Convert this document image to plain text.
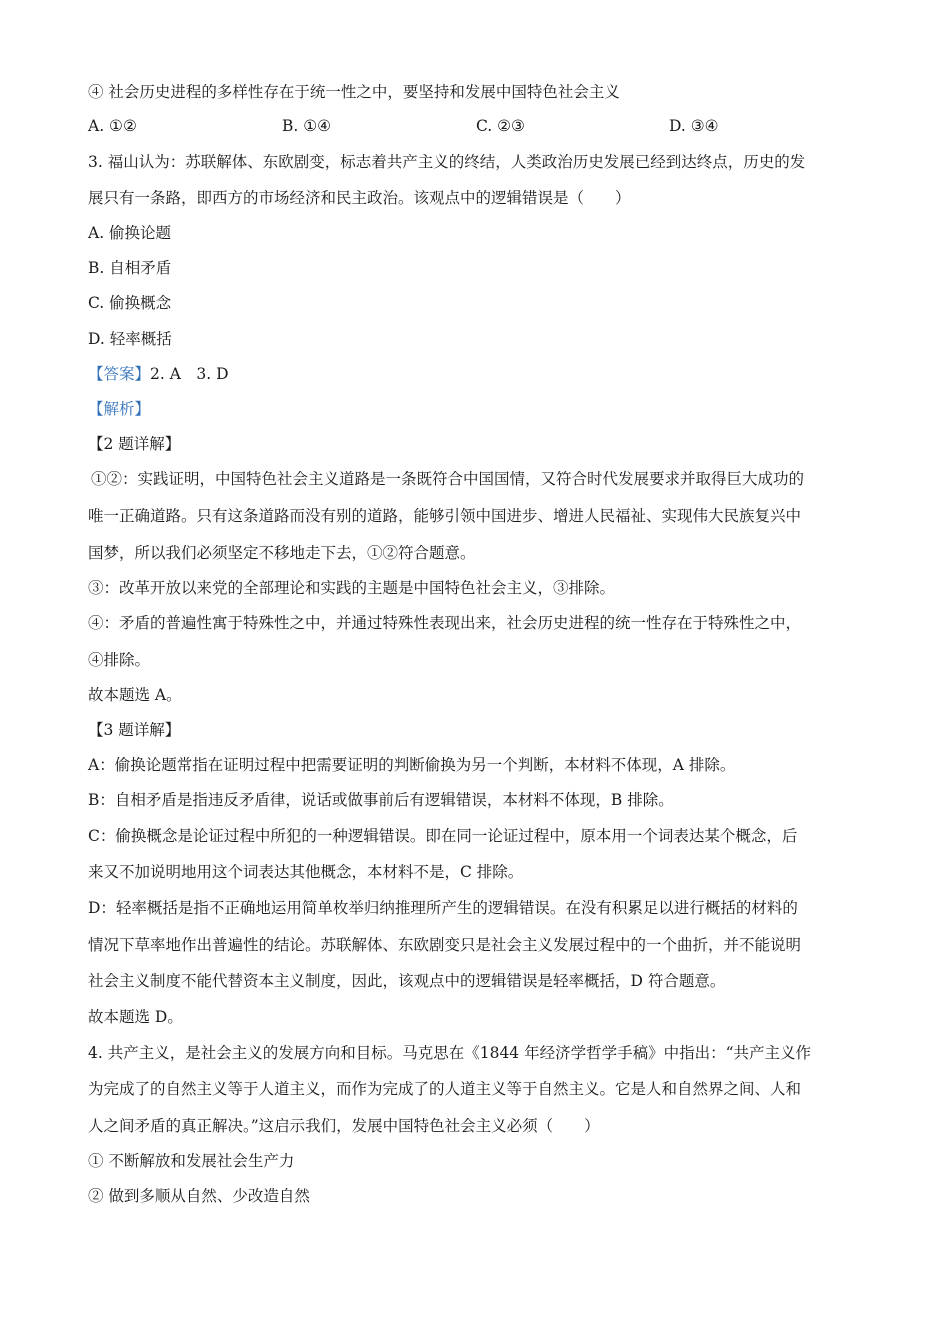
④ 社会历史进程的多样性存在于统一性之中，要坚持和发展中国特色社会主义
A. ①②	B. ①④	C. ②③	D. ③④
3. 福山认为：苏联解体、东欧剧变，标志着共产主义的终结，人类政治历史发展已经到达终点，历史的发
展只有一条路，即西方的市场经济和民主政治。该观点中的逻辑错误是（　　）
A. 偷换论题
B. 自相矛盾
C. 偷换概念
D. 轻率概括
【答案】2. A　3. D
【解析】
【2 题详解】
①②：实践证明，中国特色社会主义道路是一条既符合中国国情，又符合时代发展要求并取得巨大成功的
唯一正确道路。只有这条道路而没有别的道路，能够引领中国进步、增进人民福祉、实现伟大民族复兴中
国梦，所以我们必须坚定不移地走下去，①②符合题意。
③：改革开放以来党的全部理论和实践的主题是中国特色社会主义，③排除。
④：矛盾的普遍性寓于特殊性之中，并通过特殊性表现出来，社会历史进程的统一性存在于特殊性之中，
④排除。
故本题选 A。
【3 题详解】
A：偷换论题常指在证明过程中把需要证明的判断偷换为另一个判断，本材料不体现，A 排除。
B：自相矛盾是指违反矛盾律，说话或做事前后有逻辑错误，本材料不体现，B 排除。
C：偷换概念是论证过程中所犯的一种逻辑错误。即在同一论证过程中，原本用一个词表达某个概念，后
来又不加说明地用这个词表达其他概念，本材料不是，C 排除。
D：轻率概括是指不正确地运用简单枚举归纳推理所产生的逻辑错误。在没有积累足以进行概括的材料的
情况下草率地作出普遍性的结论。苏联解体、东欧剧变只是社会主义发展过程中的一个曲折，并不能说明
社会主义制度不能代替资本主义制度，因此，该观点中的逻辑错误是轻率概括，D 符合题意。
故本题选 D。
4. 共产主义，是社会主义的发展方向和目标。马克思在《1844 年经济学哲学手稿》中指出：“共产主义作
为完成了的自然主义等于人道主义，而作为完成了的人道主义等于自然主义。它是人和自然界之间、人和
人之间矛盾的真正解决。”这启示我们，发展中国特色社会主义必须（　　）
① 不断解放和发展社会生产力
② 做到多顺从自然、少改造自然
